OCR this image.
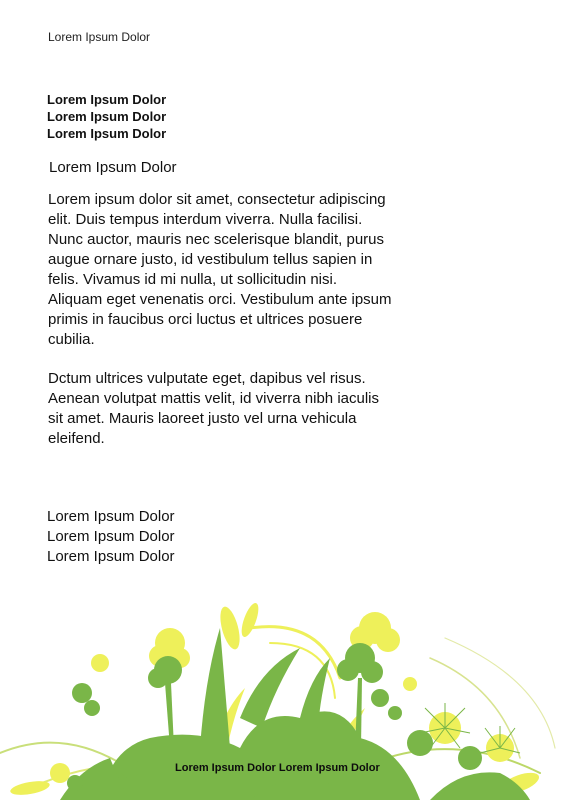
Lorem Ipsum Dolor
Lorem Ipsum Dolor
Lorem Ipsum Dolor
Lorem Ipsum Dolor
Lorem Ipsum Dolor

Lorem ipsum dolor sit amet, consectetur adipiscing elit. Duis tempus interdum viverra. Nulla facilisi. Nunc auctor, mauris nec scelerisque blandit, purus augue ornare justo, id vestibulum tellus sapien in felis. Vivamus id mi nulla, ut sollicitudin nisi. Aliquam eget venenatis orci. Vestibulum ante ipsum primis in faucibus orci luctus et ultrices posuere cubilia.

Dctum ultrices vulputate eget, dapibus vel risus. Aenean volutpat mattis velit, id viverra nibh iaculis sit amet. Mauris laoreet justo vel urna vehicula eleifend.

Lorem Ipsum Dolor
Lorem Ipsum Dolor
Lorem Ipsum Dolor
Lorem Ipsum Dolor Lorem Ipsum Dolor
